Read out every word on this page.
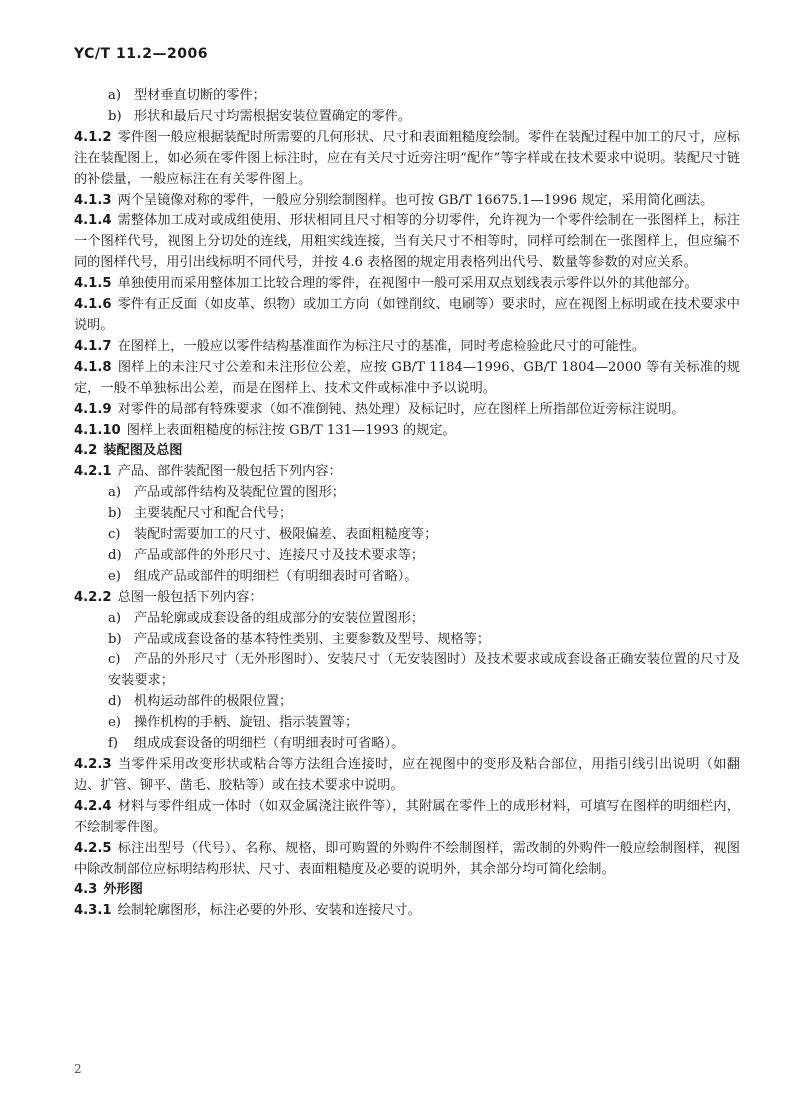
YC/T 11.2—2006
a) 型材垂直切断的零件；
b) 形状和最后尺寸均需根据安装位置确定的零件。
4.1.2 零件图一般应根据装配时所需要的几何形状、尺寸和表面粗糙度绘制。零件在装配过程中加工的尺寸，应标注在装配图上，如必须在零件图上标注时，应在有关尺寸近旁注明“配作”等字样或在技术要求中说明。装配尺寸链的补偿量，一般应标注在有关零件图上。
4.1.3 两个呈镜像对称的零件，一般应分别绘制图样。也可按 GB/T 16675.1—1996 规定，采用简化画法。
4.1.4 需整体加工成对或成组使用、形状相同且尺寸相等的分切零件，允许视为一个零件绘制在一张图样上，标注一个图样代号，视图上分切处的连线，用粗实线连接，当有关尺寸不相等时，同样可绘制在一张图样上，但应编不同的图样代号，用引出线标明不同代号，并按 4.6 表格图的规定用表格列出代号、数量等参数的对应关系。
4.1.5 单独使用而采用整体加工比较合理的零件，在视图中一般可采用双点划线表示零件以外的其他部分。
4.1.6 零件有正反面（如皮革、织物）或加工方向（如锉削纹、电刷等）要求时，应在视图上标明或在技术要求中说明。
4.1.7 在图样上，一般应以零件结构基准面作为标注尺寸的基准，同时考虑检验此尺寸的可能性。
4.1.8 图样上的未注尺寸公差和未注形位公差，应按 GB/T 1184—1996、GB/T 1804—2000 等有关标准的规定，一般不单独标出公差，而是在图样上、技术文件或标准中予以说明。
4.1.9 对零件的局部有特殊要求（如不准倒钝、热处理）及标记时，应在图样上所指部位近旁标注说明。
4.1.10 图样上表面粗糙度的标注按 GB/T 131—1993 的规定。
4.2 装配图及总图
4.2.1 产品、部件装配图一般包括下列内容：
a) 产品或部件结构及装配位置的图形；
b) 主要装配尺寸和配合代号；
c) 装配时需要加工的尺寸、极限偏差、表面粗糙度等；
d) 产品或部件的外形尺寸、连接尺寸及技术要求等；
e) 组成产品或部件的明细栏（有明细表时可省略）。
4.2.2 总图一般包括下列内容：
a) 产品轮廓或成套设备的组成部分的安装位置图形；
b) 产品或成套设备的基本特性类别、主要参数及型号、规格等；
c) 产品的外形尺寸（无外形图时）、安装尺寸（无安装图时）及技术要求或成套设备正确安装位置的尺寸及安装要求；
d) 机构运动部件的极限位置；
e) 操作机构的手柄、旋钮、指示装置等；
f) 组成成套设备的明细栏（有明细表时可省略）。
4.2.3 当零件采用改变形状或粘合等方法组合连接时，应在视图中的变形及粘合部位，用指引线引出说明（如翻边、扩管、铆平、凿毛、胶粘等）或在技术要求中说明。
4.2.4 材料与零件组成一体时（如双金属浇注嵌件等），其附属在零件上的成形材料，可填写在图样的明细栏内，不绘制零件图。
4.2.5 标注出型号（代号）、名称、规格，即可购置的外购件不绘制图样，需改制的外购件一般应绘制图样，视图中除改制部位应标明结构形状、尺寸、表面粗糙度及必要的说明外，其余部分均可简化绘制。
4.3 外形图
4.3.1 绘制轮廓图形，标注必要的外形、安装和连接尺寸。
2
